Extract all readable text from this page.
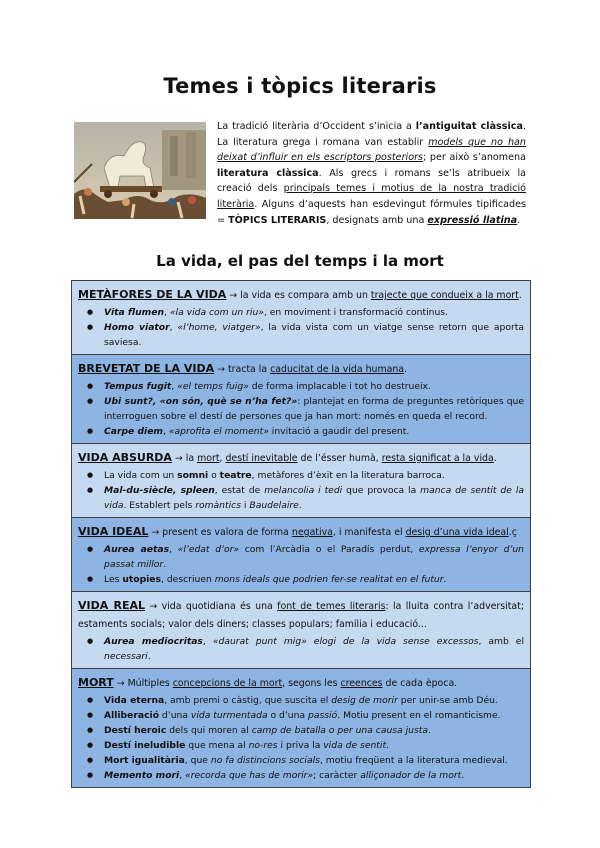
Temes i tòpics literaris
La tradició literària d’Occident s’inicia a l’antiguitat clàssica. La literatura grega i romana van establir models que no han deixat d’influir en els escriptors posteriors; per això s’anomena literatura clàssica. Als grecs i romans se’ls atribueix la creació dels principals temes i motius de la nostra tradició literària. Alguns d’aquests han esdevingut fórmules tipificades = TÒPICS LITERARIS, designats amb una expressió llatina.
La vida, el pas del temps i la mort
METÀFORES DE LA VIDA → la vida es compara amb un trajecte que condueix a la mort.
● Vita flumen, «la vida com un riu», en moviment i transformació continus.
● Homo viator, «l’home, viatger», la vida vista com un viatge sense retorn que aporta saviesa.
BREVETAT DE LA VIDA → tracta la caducitat de la vida humana.
● Tempus fugit, «el temps fuig» de forma implacable i tot ho destrueix.
● Ubi sunt?, «on són, què se n’ha fet?»: plantejat en forma de preguntes retòriques que interroguen sobre el destí de persones que ja han mort: només en queda el record.
● Carpe diem, «aprofita el moment» invitació a gaudir del present.
VIDA ABSURDA → la mort, destí inevitable de l’ésser humà, resta significat a la vida.
● La vida com un somni o teatre, metàfores d’èxit en la literatura barroca.
● Mal-du-siècle, spleen, estat de melancolia i tedi que provoca la manca de sentit de la vida. Establert pels romàntics i Baudelaire.
VIDA IDEAL → present es valora de forma negativa, i manifesta el desig d’una vida ideal.ç
● Aurea aetas, «l’edat d’or» com l’Arcàdia o el Paradís perdut, expressa l’enyor d’un passat millor.
● Les utopies, descriuen mons ideals que podrien fer-se realitat en el futur.
VIDA REAL → vida quotidiana és una font de temes literaris: la lluita contra l’adversitat; estaments socials; valor dels diners; classes populars; família i educació...
● Aurea mediocritas, «daurat punt mig» elogi de la vida sense excessos, amb el necessari.
MORT → Múltiples concepcions de la mort, segons les creences de cada època.
● Vida eterna, amb premi o càstig, que suscita el desig de morir per unir-se amb Déu.
● Alliberació d’una vida turmentada o d’una passió. Motiu present en el romanticisme.
● Destí heroic dels qui moren al camp de batalla o per una causa justa.
● Destí ineludible que mena al no-res i priva la vida de sentit.
● Mort igualitària, que no fa distincions socials, motiu freqüent a la literatura medieval.
● Memento mori, «recorda que has de morir»; caràcter alliçonador de la mort.
